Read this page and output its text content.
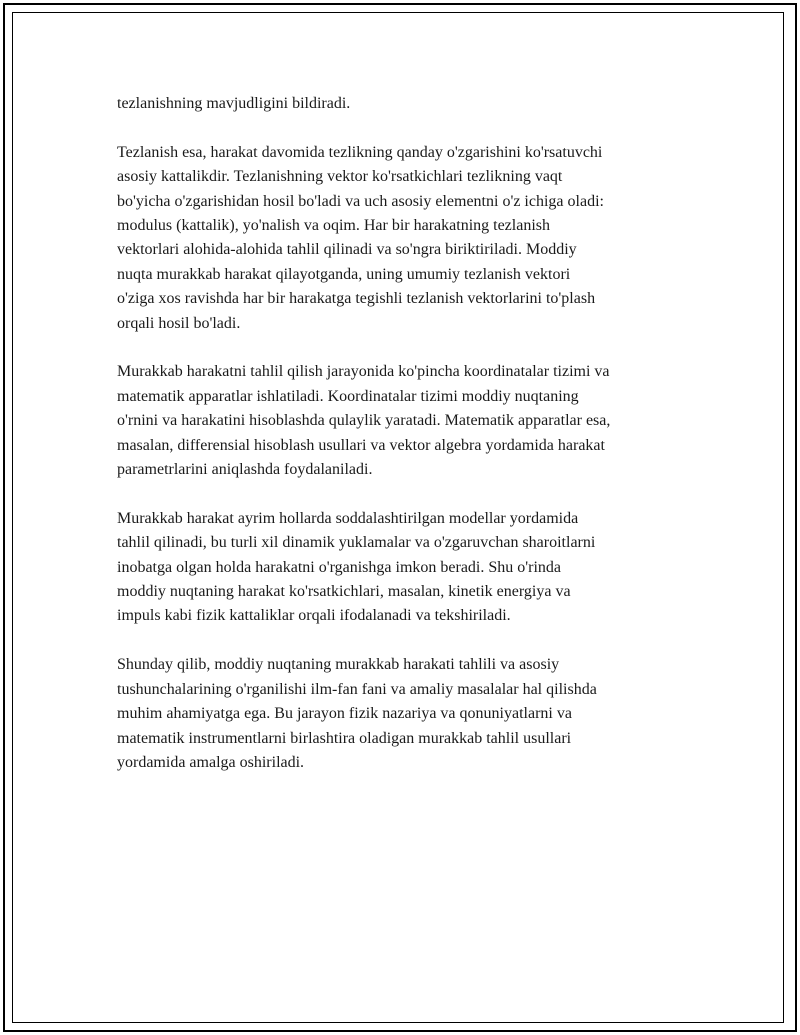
tezlanishning mavjudligini bildiradi.

Tezlanish esa, harakat davomida tezlikning qanday o'zgarishini ko'rsatuvchi
asosiy kattalikdir. Tezlanishning vektor ko'rsatkichlari tezlikning vaqt
bo'yicha o'zgarishidan hosil bo'ladi va uch asosiy elementni o'z ichiga oladi:
modulus (kattalik), yo'nalish va oqim. Har bir harakatning tezlanish
vektorlari alohida-alohida tahlil qilinadi va so'ngra biriktiriladi. Moddiy
nuqta murakkab harakat qilayotganda, uning umumiy tezlanish vektori
o'ziga xos ravishda har bir harakatga tegishli tezlanish vektorlarini to'plash
orqali hosil bo'ladi.

Murakkab harakatni tahlil qilish jarayonida ko'pincha koordinatalar tizimi va
matematik apparatlar ishlatiladi. Koordinatalar tizimi moddiy nuqtaning
o'rnini va harakatini hisoblashda qulaylik yaratadi. Matematik apparatlar esa,
masalan, differensial hisoblash usullari va vektor algebra yordamida harakat
parametrlarini aniqlashda foydalaniladi.

Murakkab harakat ayrim hollarda soddalashtirilgan modellar yordamida
tahlil qilinadi, bu turli xil dinamik yuklamalar va o'zgaruvchan sharoitlarni
inobatga olgan holda harakatni o'rganishga imkon beradi. Shu o'rinda
moddiy nuqtaning harakat ko'rsatkichlari, masalan, kinetik energiya va
impuls kabi fizik kattaliklar orqali ifodalanadi va tekshiriladi.

Shunday qilib, moddiy nuqtaning murakkab harakati tahlili va asosiy
tushunchalarining o'rganilishi ilm-fan fani va amaliy masalalar hal qilishda
muhim ahamiyatga ega. Bu jarayon fizik nazariya va qonuniyatlarni va
matematik instrumentlarni birlashtira oladigan murakkab tahlil usullari
yordamida amalga oshiriladi.
